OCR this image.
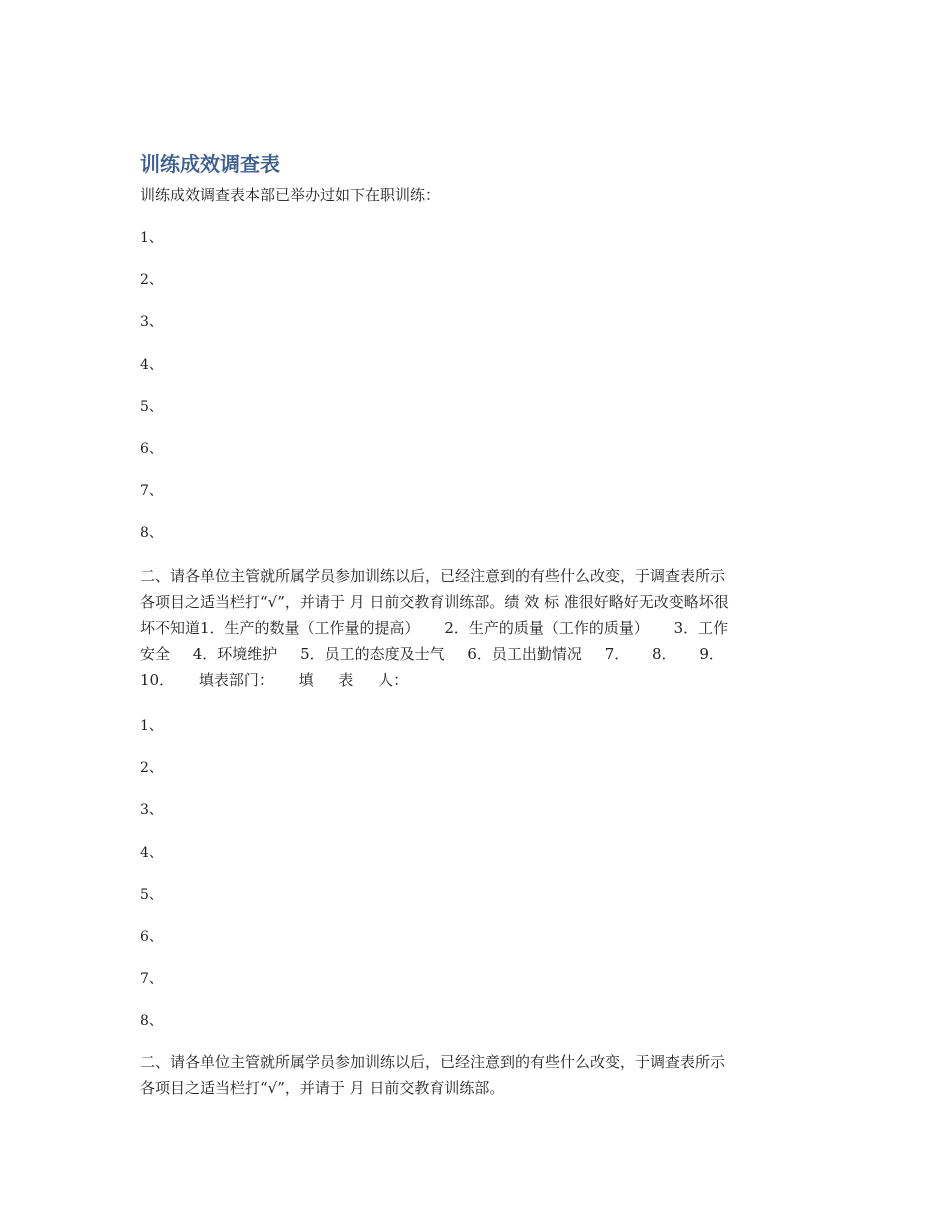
训练成效调查表

训练成效调查表本部已举办过如下在职训练：

1、
2、
3、
4、
5、
6、
7、
8、
二、请各单位主管就所属学员参加训练以后，已经注意到的有些什么改变，于调查表所示
各项目之适当栏打“√”，并请于 月 日前交教育训练部。绩 效 标 准很好略好无改变略坏很
坏不知道1．生产的数量（工作量的提高） 2．生产的质量（工作的质量） 3．工作
安全 4．环境维护 5．员工的态度及士气 6．员工出勤情况 7． 8． 9．
10． 填表部门： 填 表 人：
1、
2、
3、
4、
5、
6、
7、
8、
二、请各单位主管就所属学员参加训练以后，已经注意到的有些什么改变，于调查表所示
各项目之适当栏打“√”，并请于 月 日前交教育训练部。
